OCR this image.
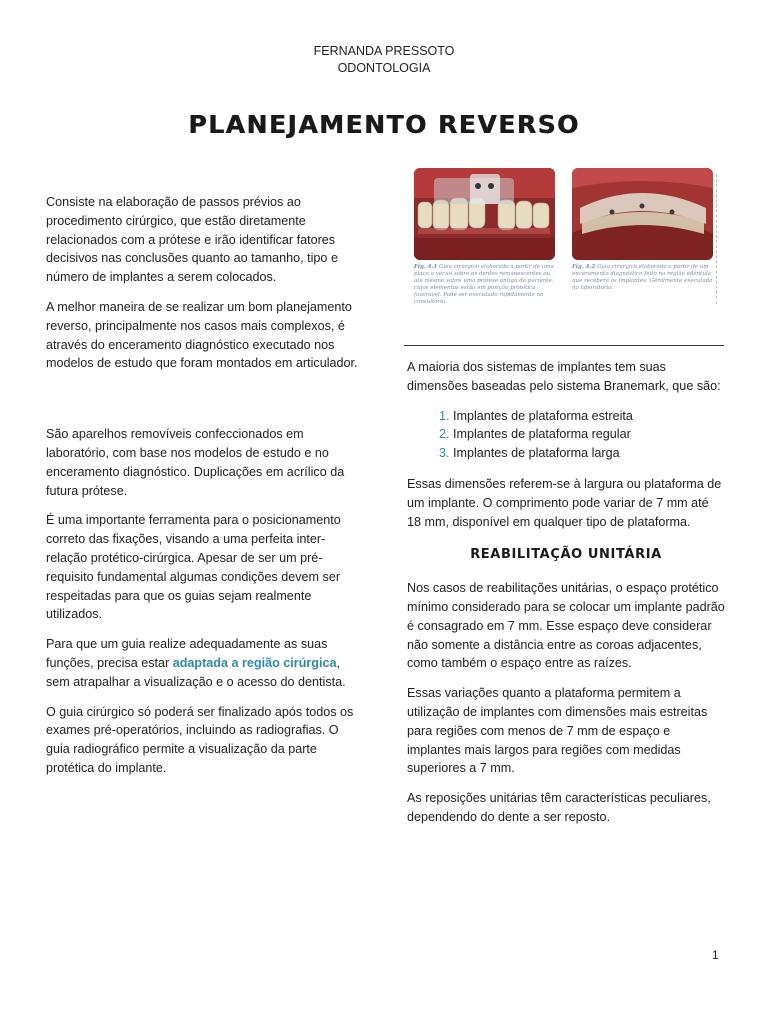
FERNANDA PRESSOTO
ODONTOLOGIA
PLANEJAMENTO REVERSO

Consiste na elaboração de passos prévios ao procedimento cirúrgico, que estão diretamente relacionados com a prótese e irão identificar fatores decisivos nas conclusões quanto ao tamanho, tipo e número de implantes a serem colocados.

A melhor maneira de se realizar um bom planejamento reverso, principalmente nos casos mais complexos, é através do enceramento diagnóstico executado nos modelos de estudo que foram montados em articulador.

São aparelhos removíveis confeccionados em laboratório, com base nos modelos de estudo e no enceramento diagnóstico. Duplicações em acrílico da futura prótese.

É uma importante ferramenta para o posicionamento correto das fixações, visando a uma perfeita inter-relação protético-cirúrgica. Apesar de ser um pré-requisito fundamental algumas condições devem ser respeitadas para que os guias sejam realmente utilizados.

Para que um guia realize adequadamente as suas funções, precisa estar adaptada a região cirúrgica, sem atrapalhar a visualização e o acesso do dentista.

O guia cirúrgico só poderá ser finalizado após todos os exames pré-operatórios, incluindo as radiografias. O guia radiográfico permite a visualização da parte protética do implante.

Fig. 4.1 Guia cirúrgico elaborado a partir de uma placa a vácuo sobre os dentes remanescentes ou até mesmo sobre uma prótese antiga do paciente, cujos elementos estão em posição protética favorável. Pode ser executado rapidamente no consultório.
Fig. 4.2 Guia cirúrgico elaborado a partir de um enceramento diagnóstico feito na região edêntula que receberá os implantes. Geralmente executado no laboratório.

A maioria dos sistemas de implantes tem suas dimensões baseadas pelo sistema Branemark, que são:

1. Implantes de plataforma estreita
2. Implantes de plataforma regular
3. Implantes de plataforma larga

Essas dimensões referem-se à largura ou plataforma de um implante. O comprimento pode variar de 7 mm até 18 mm, disponível em qualquer tipo de plataforma.

REABILITAÇÃO UNITÁRIA

Nos casos de reabilitações unitárias, o espaço protético mínimo considerado para se colocar um implante padrão é consagrado em 7 mm. Esse espaço deve considerar não somente a distância entre as coroas adjacentes, como também o espaço entre as raízes.

Essas variações quanto a plataforma permitem a utilização de implantes com dimensões mais estreitas para regiões com menos de 7 mm de espaço e implantes mais largos para regiões com medidas superiores a 7 mm.

As reposições unitárias têm características peculiares, dependendo do dente a ser reposto.

1
